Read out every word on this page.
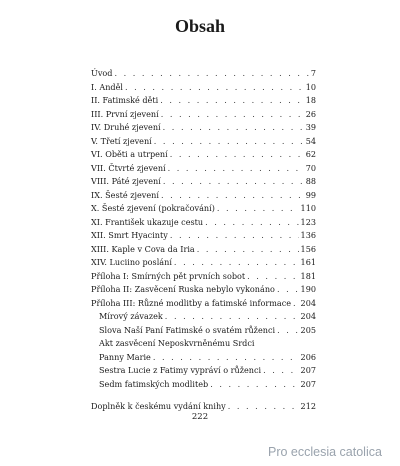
Obsah
Úvod . . .	7
I. Anděl . . .	10
II. Fatimské děti . . .	18
III. První zjevení . . .	26
IV. Druhé zjevení . . .	39
V. Třetí zjevení . . .	54
VI. Oběti a utrpení . . .	62
VII. Čtvrté zjevení . . .	70
VIII. Páté zjevení . . .	88
IX. Šesté zjevení . . .	99
X. Šesté zjevení (pokračování) . . .	110
XI. František ukazuje cestu . . .	123
XII. Smrt Hyacinty . . .	136
XIII. Kaple v Cova da Iria . . .	156
XIV. Luciino poslání . . .	161
Příloha I: Smírných pět prvních sobot . . .	181
Příloha II: Zasvěcení Ruska nebylo vykonáno . . .	190
Příloha III: Různé modlitby a fatimské informace . . . 204
Mírový závazek . . .	204
Slova Naší Paní Fatimské o svatém růženci . . .	205
Akt zasvěcení Neposkvrněnému Srdci
Panny Marie . . .	206
Sestra Lucie z Fatimy vypráví o růženci . . .	207
Sedm fatimských modliteb . . .	207
Doplněk k českému vydání knihy . . .	212
222
Pro ecclesia catolica
